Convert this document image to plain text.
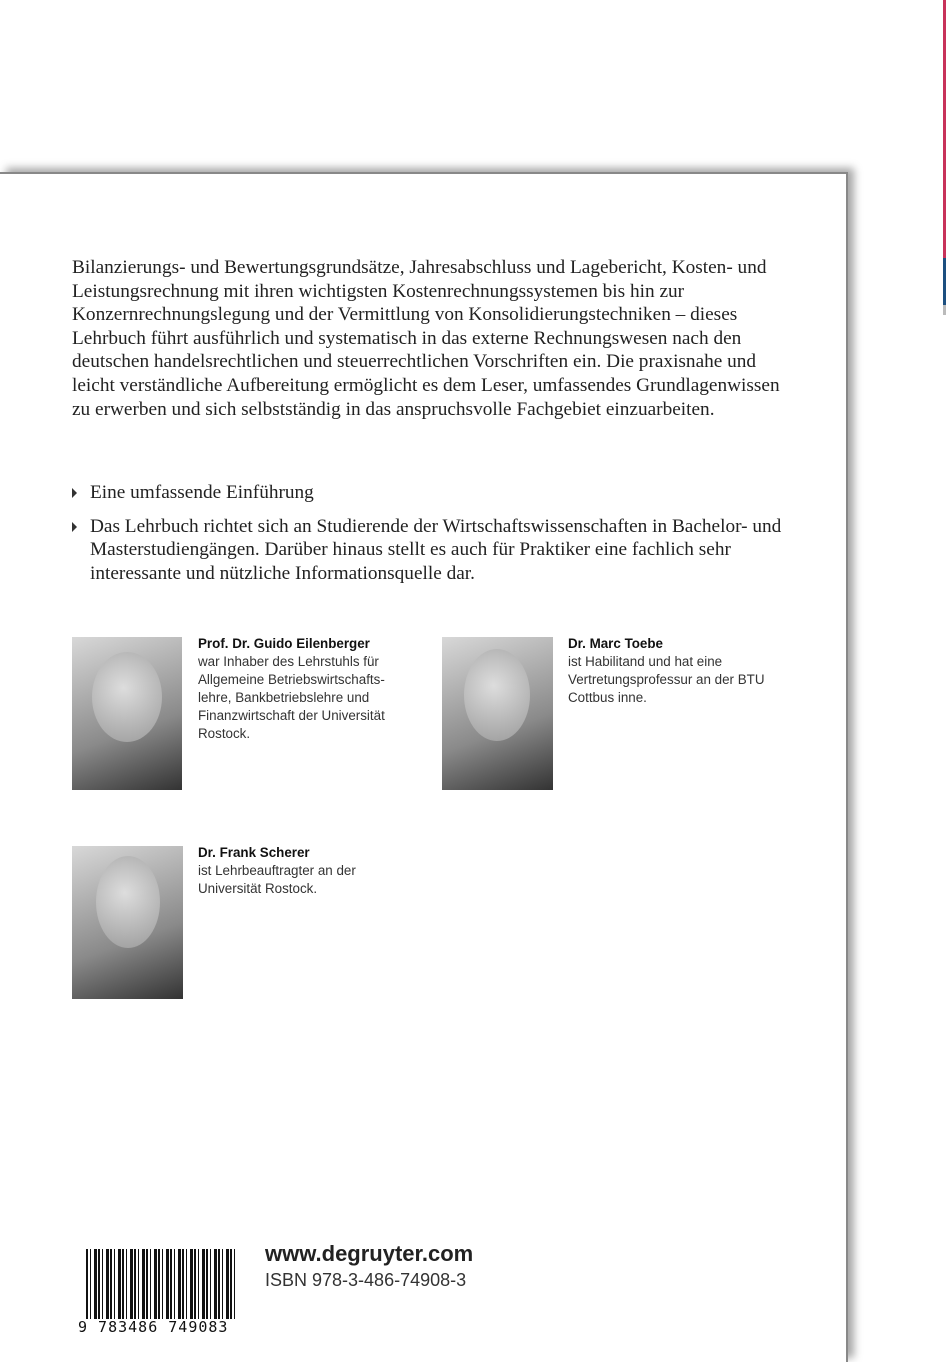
Bilanzierungs- und Bewertungsgrundsätze, Jahresabschluss und Lagebericht, Kosten- und Leistungsrechnung mit ihren wichtigsten Kostenrechnungssystemen bis hin zur Konzernrechnungslegung und der Vermittlung von Konsolidierungstechniken – dieses Lehrbuch führt ausführlich und systematisch in das externe Rechnungswesen nach den deutschen handelsrechtlichen und steuerrechtlichen Vorschriften ein. Die praxisnahe und leicht verständliche Aufbereitung ermöglicht es dem Leser, umfassendes Grundlagenwissen zu erwerben und sich selbstständig in das anspruchsvolle Fachgebiet einzuarbeiten.

Eine umfassende Einführung
Das Lehrbuch richtet sich an Studierende der Wirtschaftswissenschaften in Bachelor- und Masterstudiengängen. Darüber hinaus stellt es auch für Praktiker eine fachlich sehr interessante und nützliche Informationsquelle dar.
Prof. Dr. Guido Eilenberger
war Inhaber des Lehrstuhls für Allgemeine Betriebswirtschafts-lehre, Bankbetriebslehre und Finanzwirtschaft der Universität Rostock.
Dr. Marc Toebe
ist Habilitand und hat eine Vertretungsprofessur an der BTU Cottbus inne.
Dr. Frank Scherer
ist Lehrbeauftragter an der Universität Rostock.
9 783486 749083
www.degruyter.com
ISBN 978-3-486-74908-3
